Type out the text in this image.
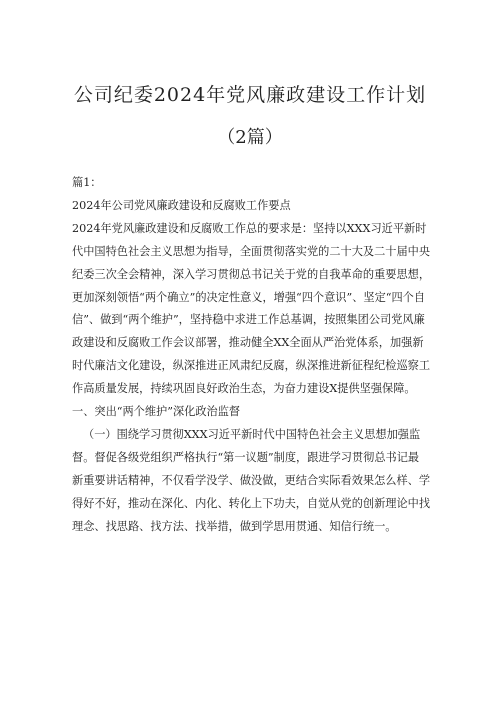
公司纪委2024年党风廉政建设工作计划
（2篇）

篇1：

2024年公司党风廉政建设和反腐败工作要点

2024年党风廉政建设和反腐败工作总的要求是：坚持以XXX习近平新时代中国特色社会主义思想为指导，全面贯彻落实党的二十大及二十届中央纪委三次全会精神，深入学习贯彻总书记关于党的自我革命的重要思想，更加深刻领悟“两个确立”的决定性意义，增强“四个意识”、坚定“四个自信”、做到“两个维护”，坚持稳中求进工作总基调，按照集团公司党风廉政建设和反腐败工作会议部署，推动健全XX全面从严治党体系，加强新时代廉洁文化建设，纵深推进正风肃纪反腐，纵深推进新征程纪检巡察工作高质量发展，持续巩固良好政治生态，为奋力建设X提供坚强保障。

一、突出“两个维护”深化政治监督

（一）围绕学习贯彻XXX习近平新时代中国特色社会主义思想加强监督。督促各级党组织严格执行“第一议题”制度，跟进学习贯彻总书记最新重要讲话精神，不仅看学没学、做没做，更结合实际看效果怎么样、学得好不好，推动在深化、内化、转化上下功夫，自觉从党的创新理论中找理念、找思路、找方法、找举措，做到学思用贯通、知信行统一。
